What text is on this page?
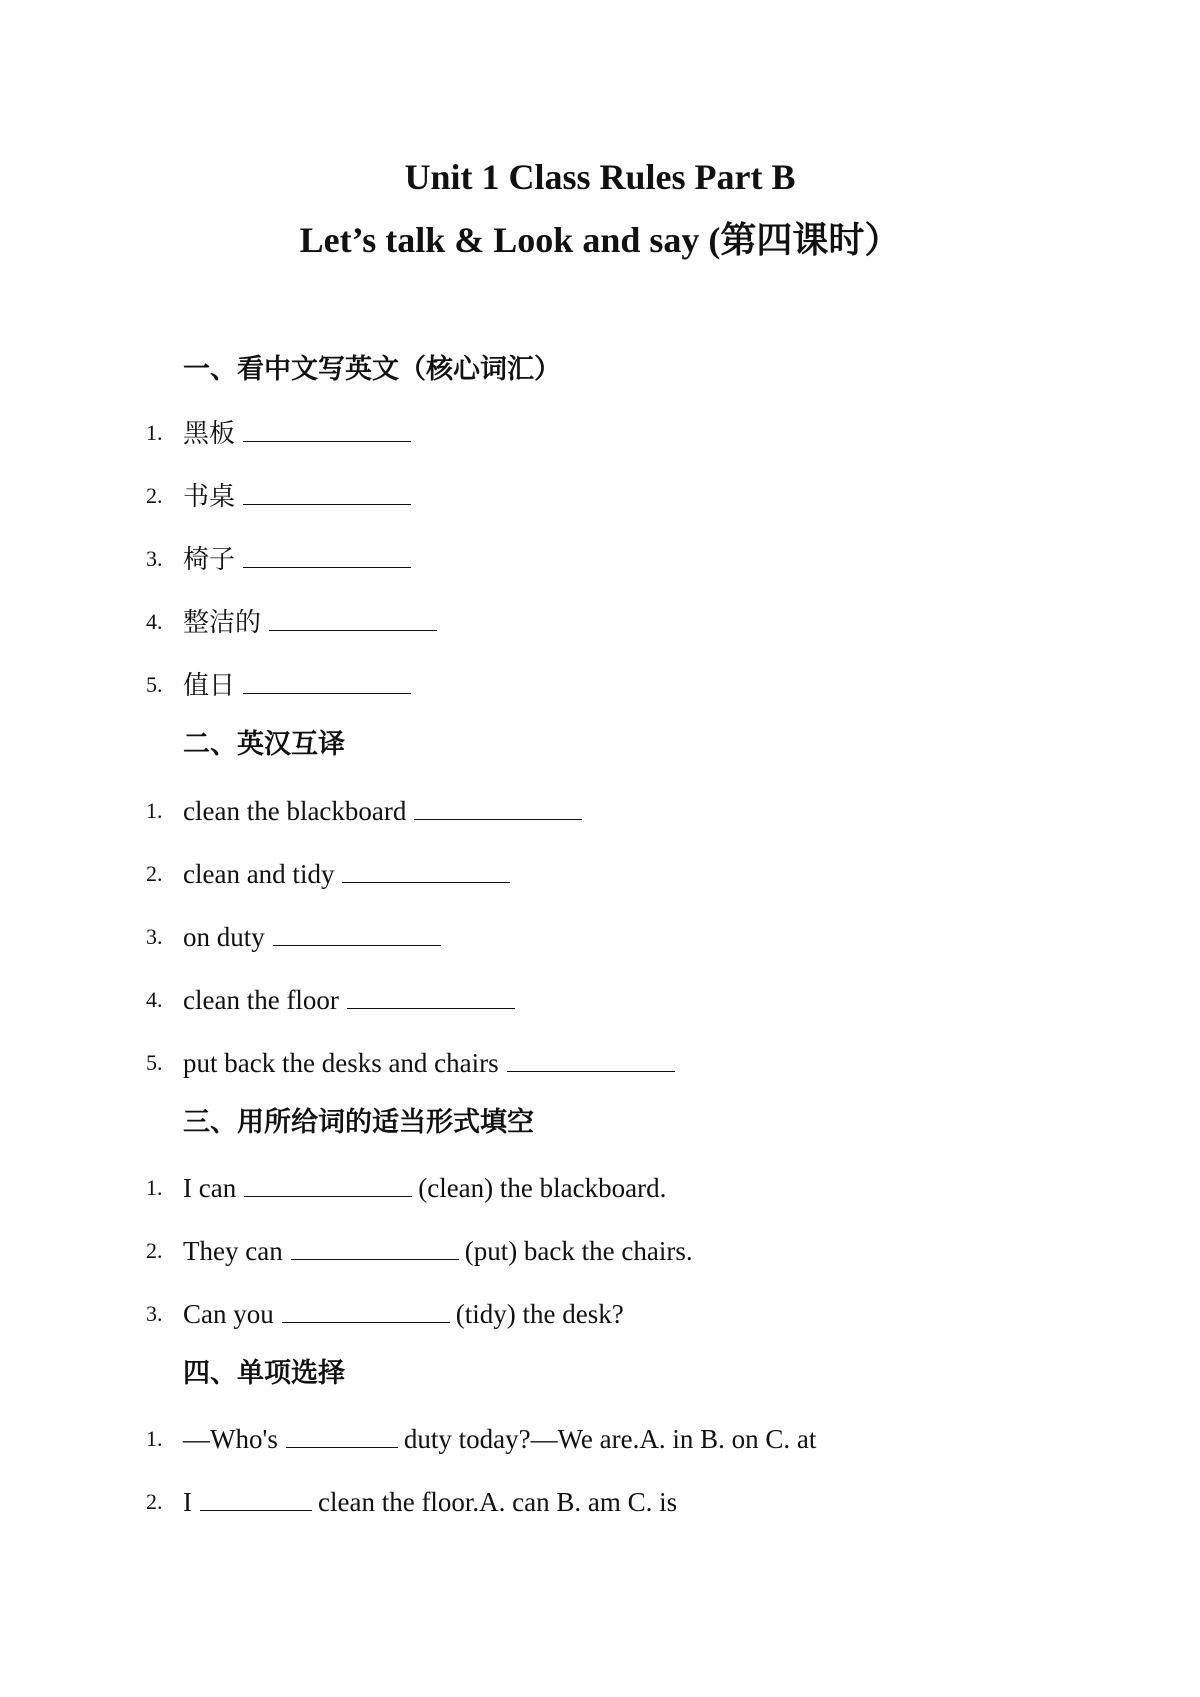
Unit 1 Class Rules Part B
Let’s talk & Look and say (第四课时）
一、看中文写英文（核心词汇）
1. 黑板
2. 书桌
3. 椅子
4. 整洁的
5. 值日
二、英汉互译
1. clean the blackboard
2. clean and tidy
3. on duty
4. clean the floor
5. put back the desks and chairs
三、用所给词的适当形式填空
1. I can	(clean) the blackboard.
2. They can	(put) back the chairs.
3. Can you	(tidy) the desk?
四、单项选择
1. —Who's	duty today?—We are.A. in B. on C. at
2. I	clean the floor.A. can B. am C. is
